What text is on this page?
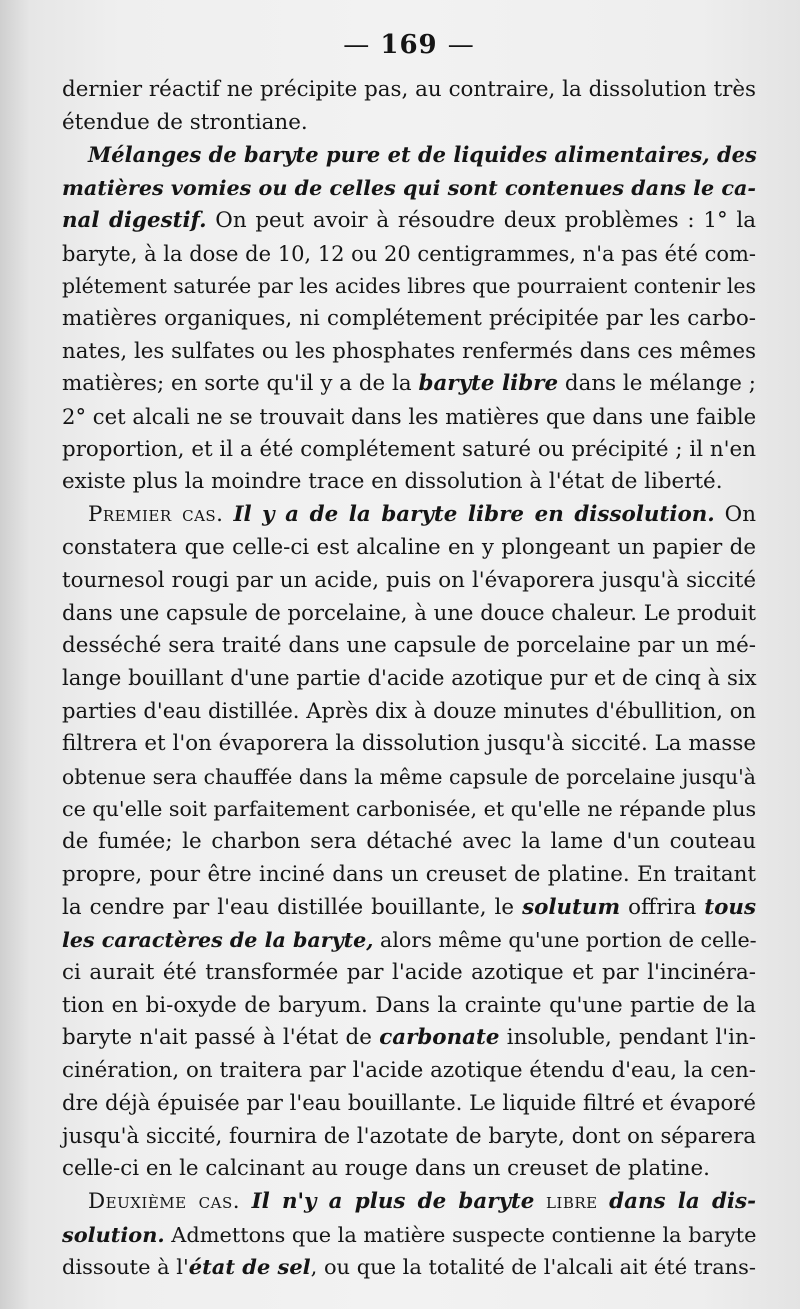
— 169 —
dernier réactif ne précipite pas, au contraire, la dissolution très
étendue de strontiane.
Mélanges de baryte pure et de liquides alimentaires, des
matières vomies ou de celles qui sont contenues dans le ca-
nal digestif. On peut avoir à résoudre deux problèmes : 1° la
baryte, à la dose de 10, 12 ou 20 centigrammes, n'a pas été com-
plétement saturée par les acides libres que pourraient contenir les
matières organiques, ni complétement précipitée par les carbo-
nates, les sulfates ou les phosphates renfermés dans ces mêmes
matières; en sorte qu'il y a de la baryte libre dans le mélange ;
2° cet alcali ne se trouvait dans les matières que dans une faible
proportion, et il a été complétement saturé ou précipité ; il n'en
existe plus la moindre trace en dissolution à l'état de liberté.
Premier cas. Il y a de la baryte libre en dissolution. On
constatera que celle-ci est alcaline en y plongeant un papier de
tournesol rougi par un acide, puis on l'évaporera jusqu'à siccité
dans une capsule de porcelaine, à une douce chaleur. Le produit
desséché sera traité dans une capsule de porcelaine par un mé-
lange bouillant d'une partie d'acide azotique pur et de cinq à six
parties d'eau distillée. Après dix à douze minutes d'ébullition, on
filtrera et l'on évaporera la dissolution jusqu'à siccité. La masse
obtenue sera chauffée dans la même capsule de porcelaine jusqu'à
ce qu'elle soit parfaitement carbonisée, et qu'elle ne répande plus
de fumée; le charbon sera détaché avec la lame d'un couteau
propre, pour être inciné dans un creuset de platine. En traitant
la cendre par l'eau distillée bouillante, le solutum offrira tous
les caractères de la baryte, alors même qu'une portion de celle-
ci aurait été transformée par l'acide azotique et par l'incinéra-
tion en bi-oxyde de baryum. Dans la crainte qu'une partie de la
baryte n'ait passé à l'état de carbonate insoluble, pendant l'in-
cinération, on traitera par l'acide azotique étendu d'eau, la cen-
dre déjà épuisée par l'eau bouillante. Le liquide filtré et évaporé
jusqu'à siccité, fournira de l'azotate de baryte, dont on séparera
celle-ci en le calcinant au rouge dans un creuset de platine.
Deuxième cas. Il n'y a plus de baryte libre dans la dis-
solution. Admettons que la matière suspecte contienne la baryte
dissoute à l'état de sel, ou que la totalité de l'alcali ait été trans-
